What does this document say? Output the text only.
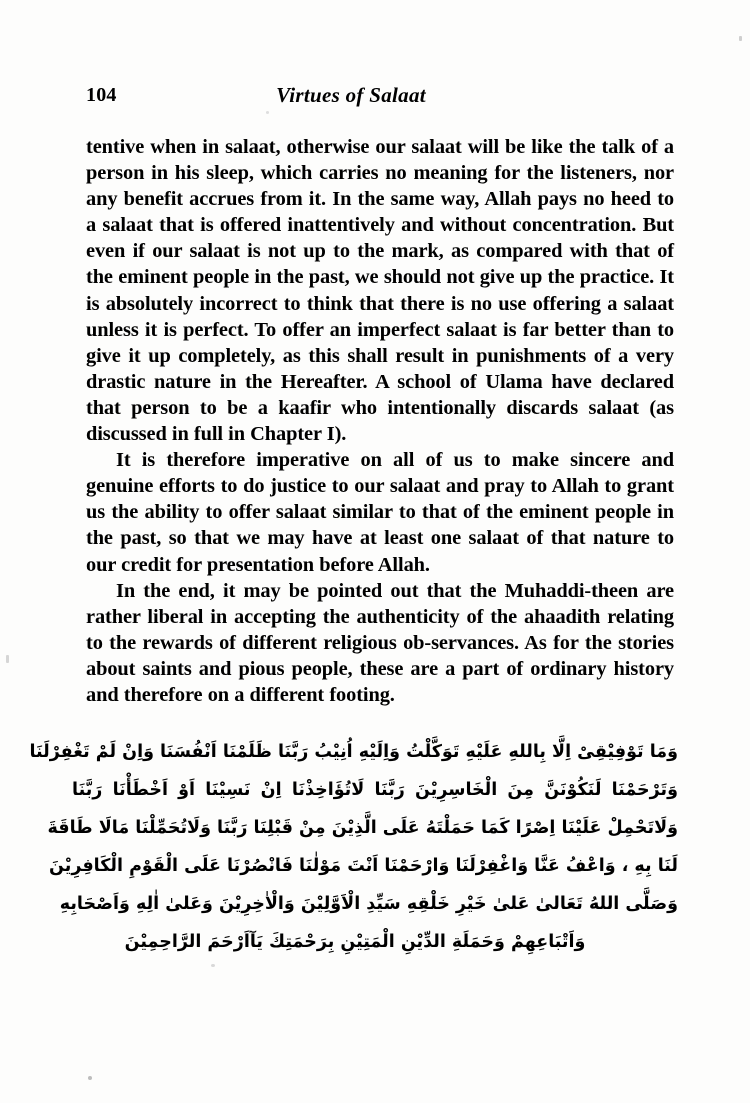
104	Virtues of Salaat

tentive when in salaat, otherwise our salaat will be like the talk of a person in his sleep, which carries no meaning for the listeners, nor any benefit accrues from it. In the same way, Allah pays no heed to a salaat that is offered inattentively and without concentration. But even if our salaat is not up to the mark, as compared with that of the eminent people in the past, we should not give up the practice. It is absolutely incorrect to think that there is no use offering a salaat unless it is perfect. To offer an imperfect salaat is far better than to give it up completely, as this shall result in punishments of a very drastic nature in the Hereafter. A school of Ulama have declared that person to be a kaafir who intentionally discards salaat (as discussed in full in Chapter I).

It is therefore imperative on all of us to make sincere and genuine efforts to do justice to our salaat and pray to Allah to grant us the ability to offer salaat similar to that of the eminent people in the past, so that we may have at least one salaat of that nature to our credit for presentation before Allah.

In the end, it may be pointed out that the Muhaddi-theen are rather liberal in accepting the authenticity of the ahaadith relating to the rewards of different religious ob-servances. As for the stories about saints and pious people, these are a part of ordinary history and therefore on a different footing.

وَمَا تَوْفِيْقِىْ اِلَّا بِاللهِ عَلَيْهِ تَوَكَّلْتُ وَاِلَيْهِ اُنِيْبُ رَبَّنَا ظَلَمْنَا اَنْفُسَنَا وَاِنْ لَمْ تَغْفِرْلَنَا
وَتَرْحَمْنَا لَنَكُوْنَنَّ مِنَ الْخَاسِرِيْنَ رَبَّنَا لَاتُؤَاخِذْنَا اِنْ نَسِيْنَا اَوْ اَخْطَأْنَا رَبَّنَا
وَلَاتَحْمِلْ عَلَيْنَا اِصْرًا كَمَا حَمَلْتَهُ عَلَى الَّذِيْنَ مِنْ قَبْلِنَا رَبَّنَا وَلَاتُحَمِّلْنَا مَالَا طَاقَةَ
لَنَا بِهِ ، وَاعْفُ عَنَّا وَاغْفِرْلَنَا وَارْحَمْنَا اَنْتَ مَوْلٰنَا فَانْصُرْنَا عَلَى الْقَوْمِ الْكَافِرِيْنَ
وَصَلَّى اللهُ تَعَالىٰ عَلىٰ خَيْرِ خَلْقِهِ سَيِّدِ الْاَوَّلِيْنَ وَالْاٰخِرِيْنَ وَعَلىٰ اٰلِهِ وَاَصْحَابِهِ
وَاَتْبَاعِهِمْ وَحَمَلَةِ الدِّيْنِ الْمَتِيْنِ بِرَحْمَتِكَ يَآاَرْحَمَ الرَّاحِمِيْنَ
